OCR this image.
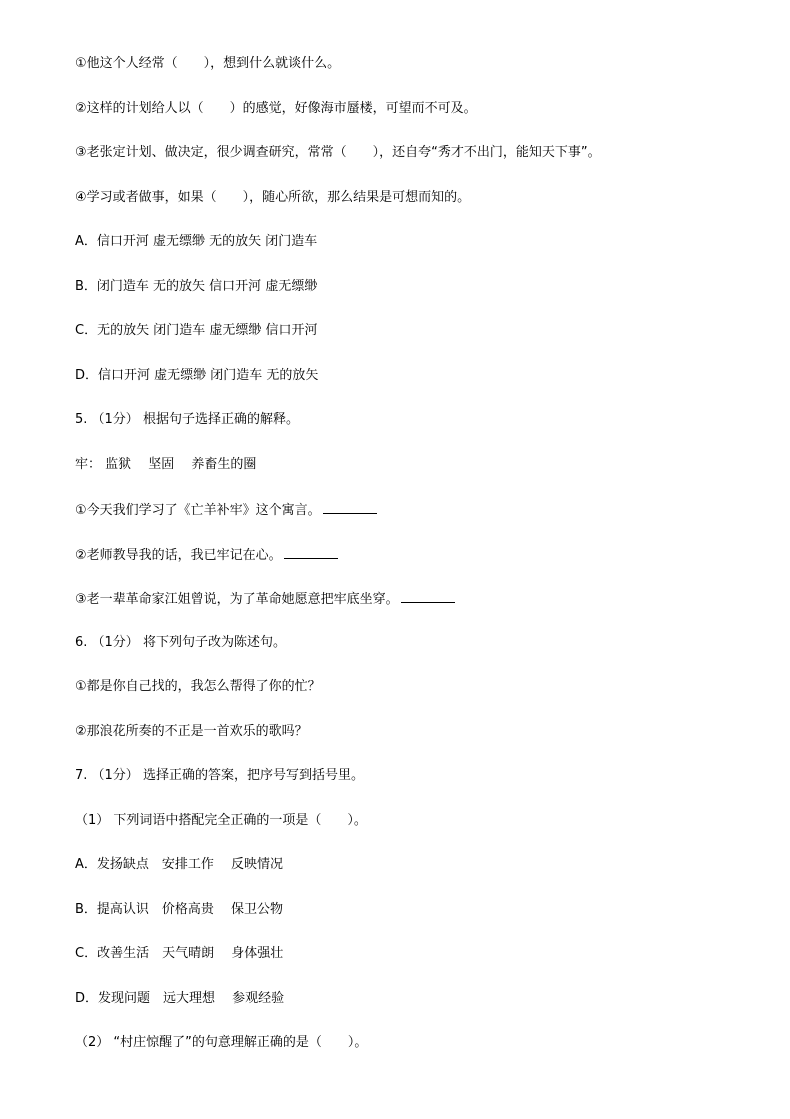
①他这个人经常（　　），想到什么就谈什么。
②这样的计划给人以（　　）的感觉，好像海市蜃楼，可望而不可及。
③老张定计划、做决定，很少调查研究，常常（　　），还自夸“秀才不出门，能知天下事”。
④学习或者做事，如果（　　），随心所欲，那么结果是可想而知的。
A．信口开河 虚无缥缈 无的放矢 闭门造车
B．闭门造车 无的放矢 信口开河 虚无缥缈
C．无的放矢 闭门造车 虚无缥缈 信口开河
D．信口开河 虚无缥缈 闭门造车 无的放矢
5. （1分） 根据句子选择正确的解释。
牢： 监狱　 坚固　 养畜生的圈
①今天我们学习了《亡羊补牢》这个寓言。
②老师教导我的话，我已牢记在心。
③老一辈革命家江姐曾说，为了革命她愿意把牢底坐穿。
6. （1分） 将下列句子改为陈述句。
①都是你自己找的，我怎么帮得了你的忙？
②那浪花所奏的不正是一首欢乐的歌吗？
7. （1分） 选择正确的答案，把序号写到括号里。
（1） 下列词语中搭配完全正确的一项是（　　）。
A．发扬缺点　安排工作　 反映情况
B．提高认识　价格高贵　 保卫公物
C．改善生活　天气晴朗　 身体强壮
D．发现问题　远大理想　 参观经验
（2） “村庄惊醒了”的句意理解正确的是（　　）。
